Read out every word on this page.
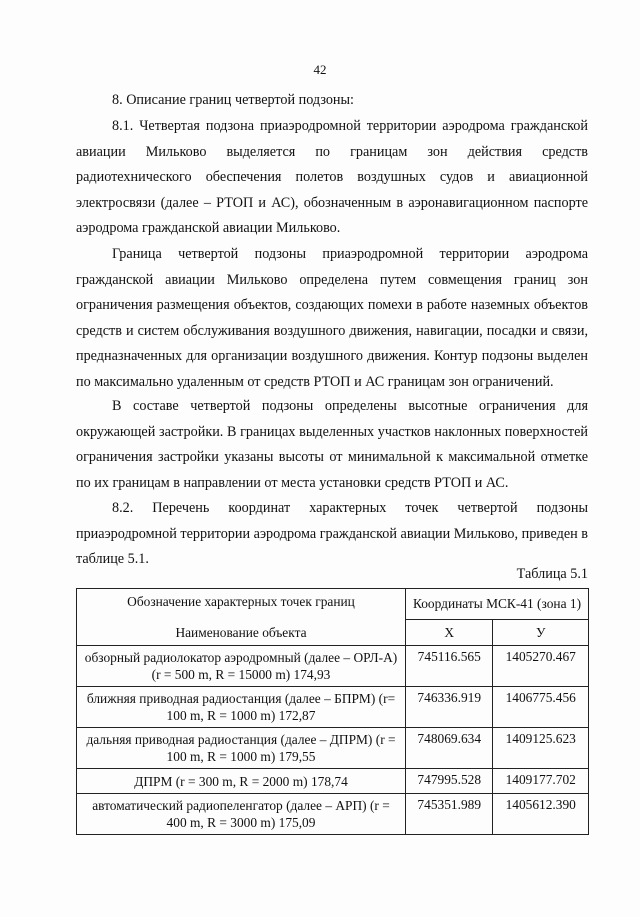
42
8. Описание границ четвертой подзоны:

8.1. Четвертая подзона приаэродромной территории аэродрома гражданской авиации Мильково выделяется по границам зон действия средств радиотехнического обеспечения полетов воздушных судов и авиационной электросвязи (далее – РТОП и АС), обозначенным в аэронавигационном паспорте аэродрома гражданской авиации Мильково.

Граница четвертой подзоны приаэродромной территории аэродрома гражданской авиации Мильково определена путем совмещения границ зон ограничения размещения объектов, создающих помехи в работе наземных объектов средств и систем обслуживания воздушного движения, навигации, посадки и связи, предназначенных для организации воздушного движения. Контур подзоны выделен по максимально удаленным от средств РТОП и АС границам зон ограничений.

В составе четвертой подзоны определены высотные ограничения для окружающей застройки. В границах выделенных участков наклонных поверхностей ограничения застройки указаны высоты от минимальной к максимальной отметке по их границам в направлении от места установки средств РТОП и АС.

8.2. Перечень координат характерных точек четвертой подзоны приаэродромной территории аэродрома гражданской авиации Мильково, приведен в таблице 5.1.

Таблица 5.1
Обозначение характерных точек границ
Наименование объекта	Координаты МСК-41 (зона 1)	
	X	У
обзорный радиолокатор аэродромный (далее – ОРЛ-А) (r = 500 m, R = 15000 m) 174,93	745116.565	1405270.467
ближняя приводная радиостанция (далее – БПРМ) (r= 100 m, R = 1000 m) 172,87	746336.919	1406775.456
дальняя приводная радиостанция (далее – ДПРМ) (r = 100 m, R = 1000 m) 179,55	748069.634	1409125.623
ДПРМ (r = 300 m, R = 2000 m) 178,74	747995.528	1409177.702
автоматический радиопеленгатор (далее – АРП) (r = 400 m, R = 3000 m) 175,09	745351.989	1405612.390
